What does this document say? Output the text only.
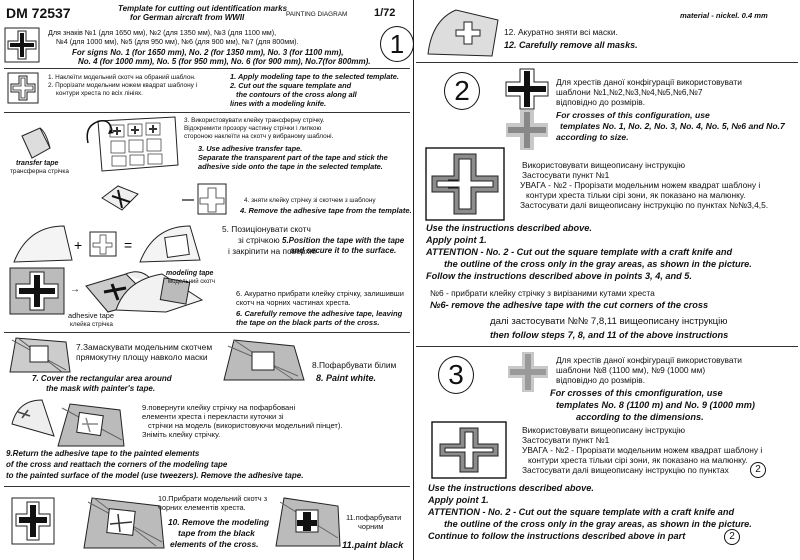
DM 72537	Template for cutting out identification marks
for German aircraft from WWII	PAINTING DIAGRAM 1/72
Для знаків №1 (для 1650 мм), №2 (для 1350 мм), №3 (для 1100 мм),
№4 (для 1000 мм), №5 (для 950 мм), №6 (для 900 мм), №7 (для 800мм).
For signs No. 1 (for 1650 mm), No. 2 (for 1350 mm), No. 3 (for 1100 mm),
No. 4 (for 1000 mm), No. 5 (for 950 mm), No. 6 (for 900 mm), No.7(for 800mm).
1
1. Наклеїти модельний скотч на обраний шаблон.
2. Прорізати модельним ножем квадрат шаблону і
контури хреста по всіх лініях.
1. Apply modeling tape to the selected template.
2. Cut out the square template and
the contours of the cross along all
lines with a modeling knife.
transfer tape
трансферна стрічка
3. Використовувати клейку трансферну стрічку.
Відокремити прозору частину стрічки і липкою
стороною наклеїти на скотч у вибраному шаблоні.
3. Use adhesive transfer tape.
Separate the transparent part of the tape and stick the
adhesive side onto the tape in the selected template.
4. зняти клейку стрічку зі скотчем з шаблону
4. Remove the adhesive tape from the template.
+	=
5. Позиціонувати скотч
зі стрічкою
і закріпити на поверхні
5.Position the tape with the tape
and secure it to the surface.
→
modeling tape
модельний скотч
6. Акуратно прибрати клейку стрічку, залишивши
скотч на чорних частинах хреста.
6. Carefully remove the adhesive tape, leaving
the tape on the black parts of the cross.
adhesive tape
клейка стрічка
7.Замаскувати модельним скотчем
прямокутну площу навколо маски
7. Cover the rectangular area around
the mask with painter's tape.
8.Пофарбувати білим
8. Paint white.
9.повернути клейку стрічку на пофарбовані
елементи хреста і перекласти куточки зі
стрічки на модель (використовуючи модельний пінцет).
Зніміть клейку стрічку.
9.Return the adhesive tape to the painted elements
of the cross and reattach the corners of the modeling tape
to the painted surface of the model (use tweezers). Remove the adhesive tape.
10.Прибрати модельний скотч з
чорних елементів хреста.
10. Remove the modeling
tape from the black
elements of the cross.
11.пофарбувати
чорним
11.paint black
material - nickel. 0.4 mm
12. Акуратно зняти всі маски.
12. Carefully remove all masks.
2	Для хрестів даної конфігурації використовувати
шаблони №1,№2,№3,№4,№5,№6,№7
відповідно до розмірів.
For crosses of this configuration, use
templates No. 1, No. 2, No. 3, No. 4, No. 5, №6 and No.7
according to size.
Використовувати вищеописану інструкцію
Застосувати пункт №1
УВАГА - №2 - Прорізати модельним ножем квадрат шаблону і
контури хреста тільки сірі зони, як показано на малюнку.
Застосувати далі вищеописану інструкцію по пунктах №№3,4,5.
Use the instructions described above.
Apply point 1.
ATTENTION - No. 2 - Cut out the square template with a craft knife and
the outline of the cross only in the gray areas, as shown in the picture.
Follow the instructions described above in points 3, 4, and 5.
№6 - прибрати клейку стрічку з вирізаними кутами хреста
№6- remove the adhesive tape with the cut corners of the cross
далі застосувати №№ 7,8,11 вищеописану інструкцію
then follow steps 7, 8, and 11 of the above instructions
3	Для хрестів даної конфігурації використовувати
шаблони №8 (1100 мм), №9 (1000 мм)
відповідно до розмірів.
For crosses of this cmonfiguration, use
templates No. 8 (1100 m) and No. 9 (1000 mm)
according to the dimensions.
Використовувати вищеописану інструкцію
Застосувати пункт №1
УВАГА - №2 - Прорізати модельним ножем квадрат шаблону і
контури хреста тільки сірі зони, як показано на малюнку.
Застосувати далі вищеописану інструкцію по пунктах	2
Use the instructions described above.
Apply point 1.
ATTENTION - No. 2 - Cut out the square template with a craft knife and
the outline of the cross only in the gray areas, as shown in the picture.
Continue to follow the instructions described above in part	2
